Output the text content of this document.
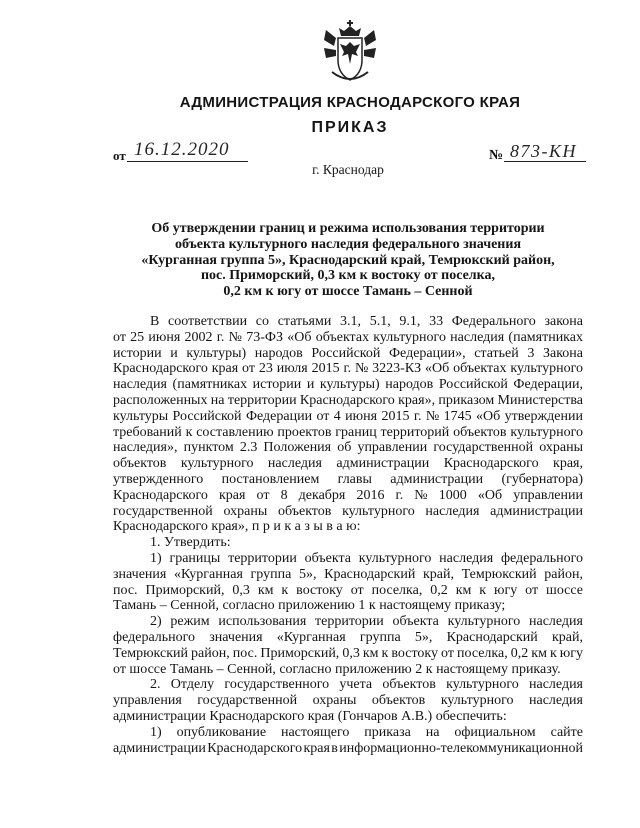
АДМИНИСТРАЦИЯ КРАСНОДАРСКОГО КРАЯ
ПРИКАЗ
от 16.12.2020	№ 873-КН
г. Краснодар
Об утверждении границ и режима использования территории
объекта культурного наследия федерального значения
«Курганная группа 5», Краснодарский край, Темрюкский район,
пос. Приморский, 0,3 км к востоку от поселка,
0,2 км к югу от шоссе Тамань – Сенной
В соответствии со статьями 3.1, 5.1, 9.1, 33 Федерального закона
от 25 июня 2002 г. № 73-ФЗ «Об объектах культурного наследия (памятниках
истории и культуры) народов Российской Федерации», статьей 3 Закона
Краснодарского края от 23 июля 2015 г. № 3223-КЗ «Об объектах культурного
наследия (памятниках истории и культуры) народов Российской Федерации,
расположенных на территории Краснодарского края», приказом Министерства
культуры Российской Федерации от 4 июня 2015 г. № 1745 «Об утверждении
требований к составлению проектов границ территорий объектов культурного
наследия», пунктом 2.3 Положения об управлении государственной охраны
объектов культурного наследия администрации Краснодарского края,
утвержденного постановлением главы администрации (губернатора)
Краснодарского края от 8 декабря 2016 г. № 1000 «Об управлении
государственной охраны объектов культурного наследия администрации
Краснодарского края», п р и к а з ы в а ю:
1. Утвердить:
1) границы территории объекта культурного наследия федерального
значения «Курганная группа 5», Краснодарский край, Темрюкский район,
пос. Приморский, 0,3 км к востоку от поселка, 0,2 км к югу от шоссе
Тамань – Сенной, согласно приложению 1 к настоящему приказу;
2) режим использования территории объекта культурного наследия
федерального значения «Курганная группа 5», Краснодарский край,
Темрюкский район, пос. Приморский, 0,3 км к востоку от поселка, 0,2 км к югу
от шоссе Тамань – Сенной, согласно приложению 2 к настоящему приказу.
2. Отделу государственного учета объектов культурного наследия
управления государственной охраны объектов культурного наследия
администрации Краснодарского края (Гончаров А.В.) обеспечить:
1) опубликование настоящего приказа на официальном сайте
администрации Краснодарского края в информационно-телекоммуникационной
